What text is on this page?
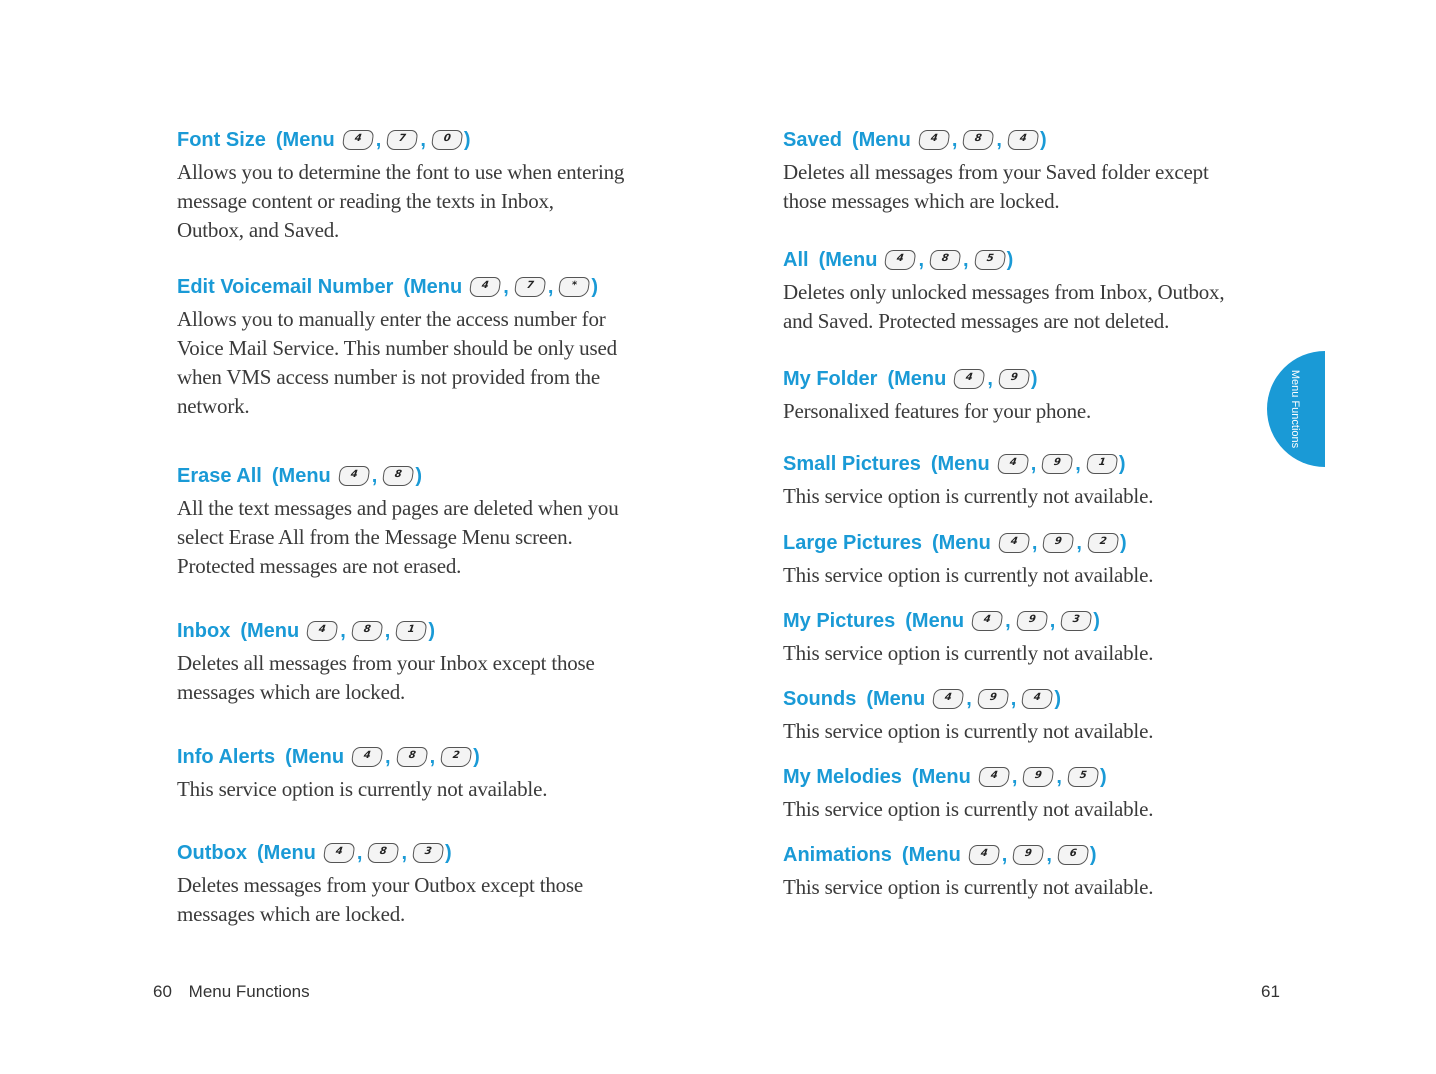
Font Size (Menu	4 ,	7 ,	0 )
Allows you to determine the font to use when entering
message content or reading the texts in Inbox,
Outbox, and Saved.
Edit Voicemail Number (Menu	4 ,	7 ,	* )
Allows you to manually enter the access number for
Voice Mail Service. This number should be only used
when VMS access number is not provided from the
network.
Erase All (Menu	4 ,	8 )
All the text messages and pages are deleted when you
select Erase All from the Message Menu screen.
Protected messages are not erased.
Inbox (Menu	4 ,	8 ,	1 )
Deletes all messages from your Inbox except those
messages which are locked.
Info Alerts (Menu	4 ,	8 ,	2 )
This service option is currently not available.
Outbox (Menu	4 ,	8 ,	3 )
Deletes messages from your Outbox except those
messages which are locked.
Saved (Menu	4 ,	8 ,	4 )
Deletes all messages from your Saved folder except
those messages which are locked.
All (Menu	4 ,	8 ,	5 )
Deletes only unlocked messages from Inbox, Outbox,
and Saved. Protected messages are not deleted.
My Folder (Menu	4 ,	9 )
Personalixed features for your phone.
Small Pictures (Menu	4 ,	9 ,	1 )
This service option is currently not available.
Large Pictures (Menu	4 ,	9 ,	2 )
This service option is currently not available.
My Pictures (Menu	4 ,	9 ,	3 )
This service option is currently not available.
Sounds (Menu	4 ,	9 ,	4 )
This service option is currently not available.
My Melodies (Menu	4 ,	9 ,	5 )
This service option is currently not available.
Animations (Menu	4 ,	9 ,	6 )
This service option is currently not available.
60 Menu Functions	61
Menu Functions
